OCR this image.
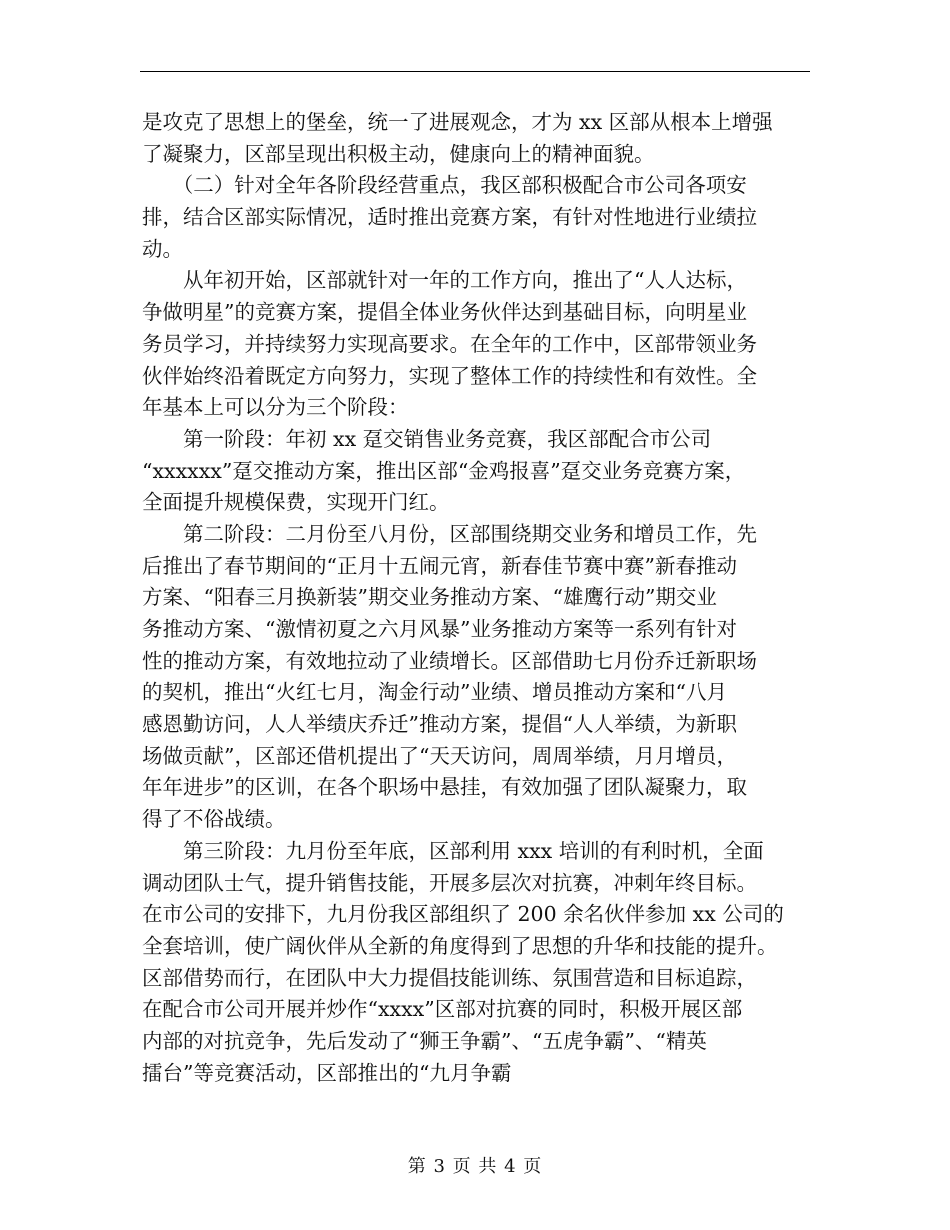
是攻克了思想上的堡垒，统一了进展观念，才为 xx 区部从根本上增强
了凝聚力，区部呈现出积极主动，健康向上的精神面貌。
　　（二）针对全年各阶段经营重点，我区部积极配合市公司各项安
排，结合区部实际情况，适时推出竞赛方案，有针对性地进行业绩拉
动。
　　从年初开始，区部就针对一年的工作方向，推出了“人人达标，
争做明星”的竞赛方案，提倡全体业务伙伴达到基础目标，向明星业
务员学习，并持续努力实现高要求。在全年的工作中，区部带领业务
伙伴始终沿着既定方向努力，实现了整体工作的持续性和有效性。全
年基本上可以分为三个阶段：
　　第一阶段：年初 xx 趸交销售业务竞赛，我区部配合市公司
“xxxxxx”趸交推动方案，推出区部“金鸡报喜”趸交业务竞赛方案，
全面提升规模保费，实现开门红。
　　第二阶段：二月份至八月份，区部围绕期交业务和增员工作，先
后推出了春节期间的“正月十五闹元宵，新春佳节赛中赛”新春推动
方案、“阳春三月换新装”期交业务推动方案、“雄鹰行动”期交业
务推动方案、“激情初夏之六月风暴”业务推动方案等一系列有针对
性的推动方案，有效地拉动了业绩增长。区部借助七月份乔迁新职场
的契机，推出“火红七月，淘金行动”业绩、增员推动方案和“八月
感恩勤访问，人人举绩庆乔迁”推动方案，提倡“人人举绩，为新职
场做贡献”，区部还借机提出了“天天访问，周周举绩，月月增员，
年年进步”的区训，在各个职场中悬挂，有效加强了团队凝聚力，取
得了不俗战绩。
　　第三阶段：九月份至年底，区部利用 xxx 培训的有利时机，全面
调动团队士气，提升销售技能，开展多层次对抗赛，冲刺年终目标。
在市公司的安排下，九月份我区部组织了 200 余名伙伴参加 xx 公司的
全套培训，使广阔伙伴从全新的角度得到了思想的升华和技能的提升。
区部借势而行，在团队中大力提倡技能训练、氛围营造和目标追踪，
在配合市公司开展并炒作“xxxx”区部对抗赛的同时，积极开展区部
内部的对抗竞争，先后发动了“狮王争霸”、“五虎争霸”、“精英
擂台”等竞赛活动，区部推出的“九月争霸
第 3 页 共 4 页
